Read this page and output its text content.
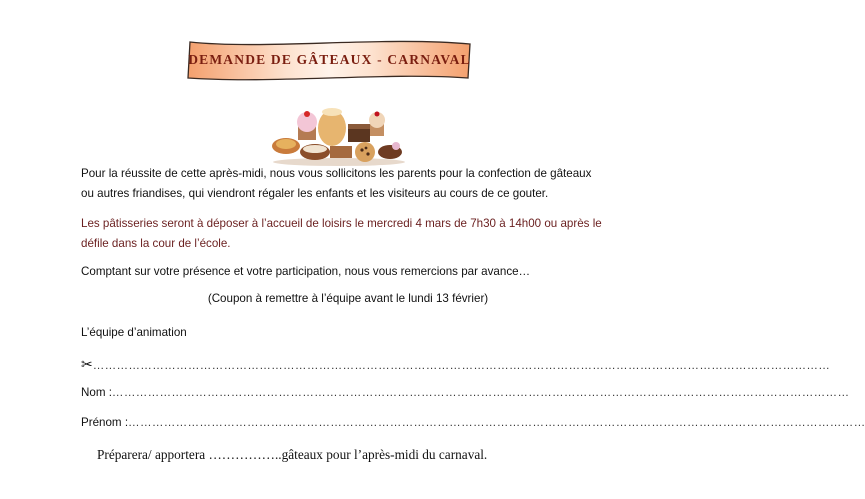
DEMANDE DE GÂTEAUX - CARNAVAL
Pour la réussite de cette après-midi, nous vous sollicitons les parents pour la confection de gâteaux
ou autres friandises, qui viendront régaler les enfants et les visiteurs au cours de ce gouter.
Les pâtisseries seront à déposer à l’accueil de loisirs le mercredi 4 mars de 7h30 à 14h00 ou après le
défile dans la cour de l’école.
Comptant sur votre présence et votre participation, nous vous remercions par avance…
(Coupon à remettre à l’équipe avant le lundi 13 février)
L’équipe d’animation
✂……………………………………………………………………………………………………………………………………………………………………
Nom :……………………………………………………………………………………………………………………………………………………………………
Prénom :……………………………………………………………………………………………………………………………………………………………………
Préparera/ apportera ……………..gâteaux pour l’après-midi du carnaval.
